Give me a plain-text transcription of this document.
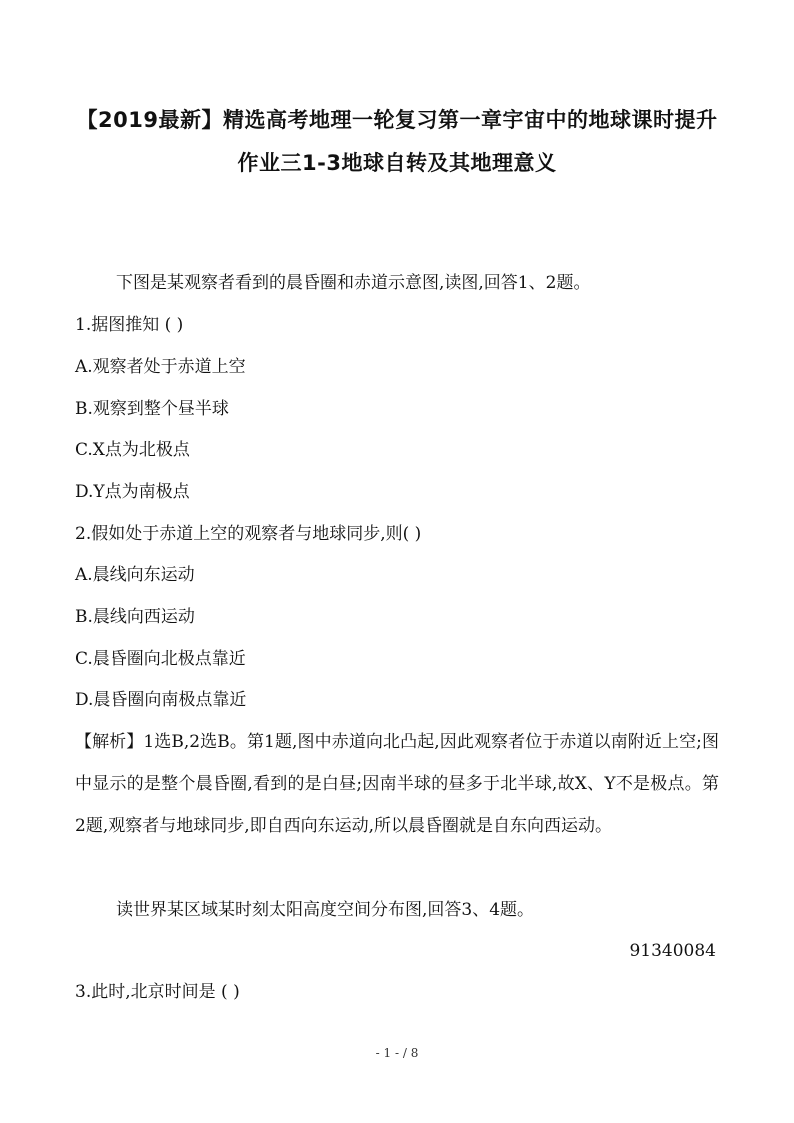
【2019最新】精选高考地理一轮复习第一章宇宙中的地球课时提升
作业三1-3地球自转及其地理意义
下图是某观察者看到的晨昏圈和赤道示意图,读图,回答1、2题。
1.据图推知 ( )
A.观察者处于赤道上空
B.观察到整个昼半球
C.X点为北极点
D.Y点为南极点
2.假如处于赤道上空的观察者与地球同步,则( )
A.晨线向东运动
B.晨线向西运动
C.晨昏圈向北极点靠近
D.晨昏圈向南极点靠近
【解析】1选B,2选B。第1题,图中赤道向北凸起,因此观察者位于赤道以南附近上空;图中显示的是整个晨昏圈,看到的是白昼;因南半球的昼多于北半球,故X、Y不是极点。第2题,观察者与地球同步,即自西向东运动,所以晨昏圈就是自东向西运动。
读世界某区域某时刻太阳高度空间分布图,回答3、4题。
91340084
3.此时,北京时间是 ( )
- 1 - / 8
